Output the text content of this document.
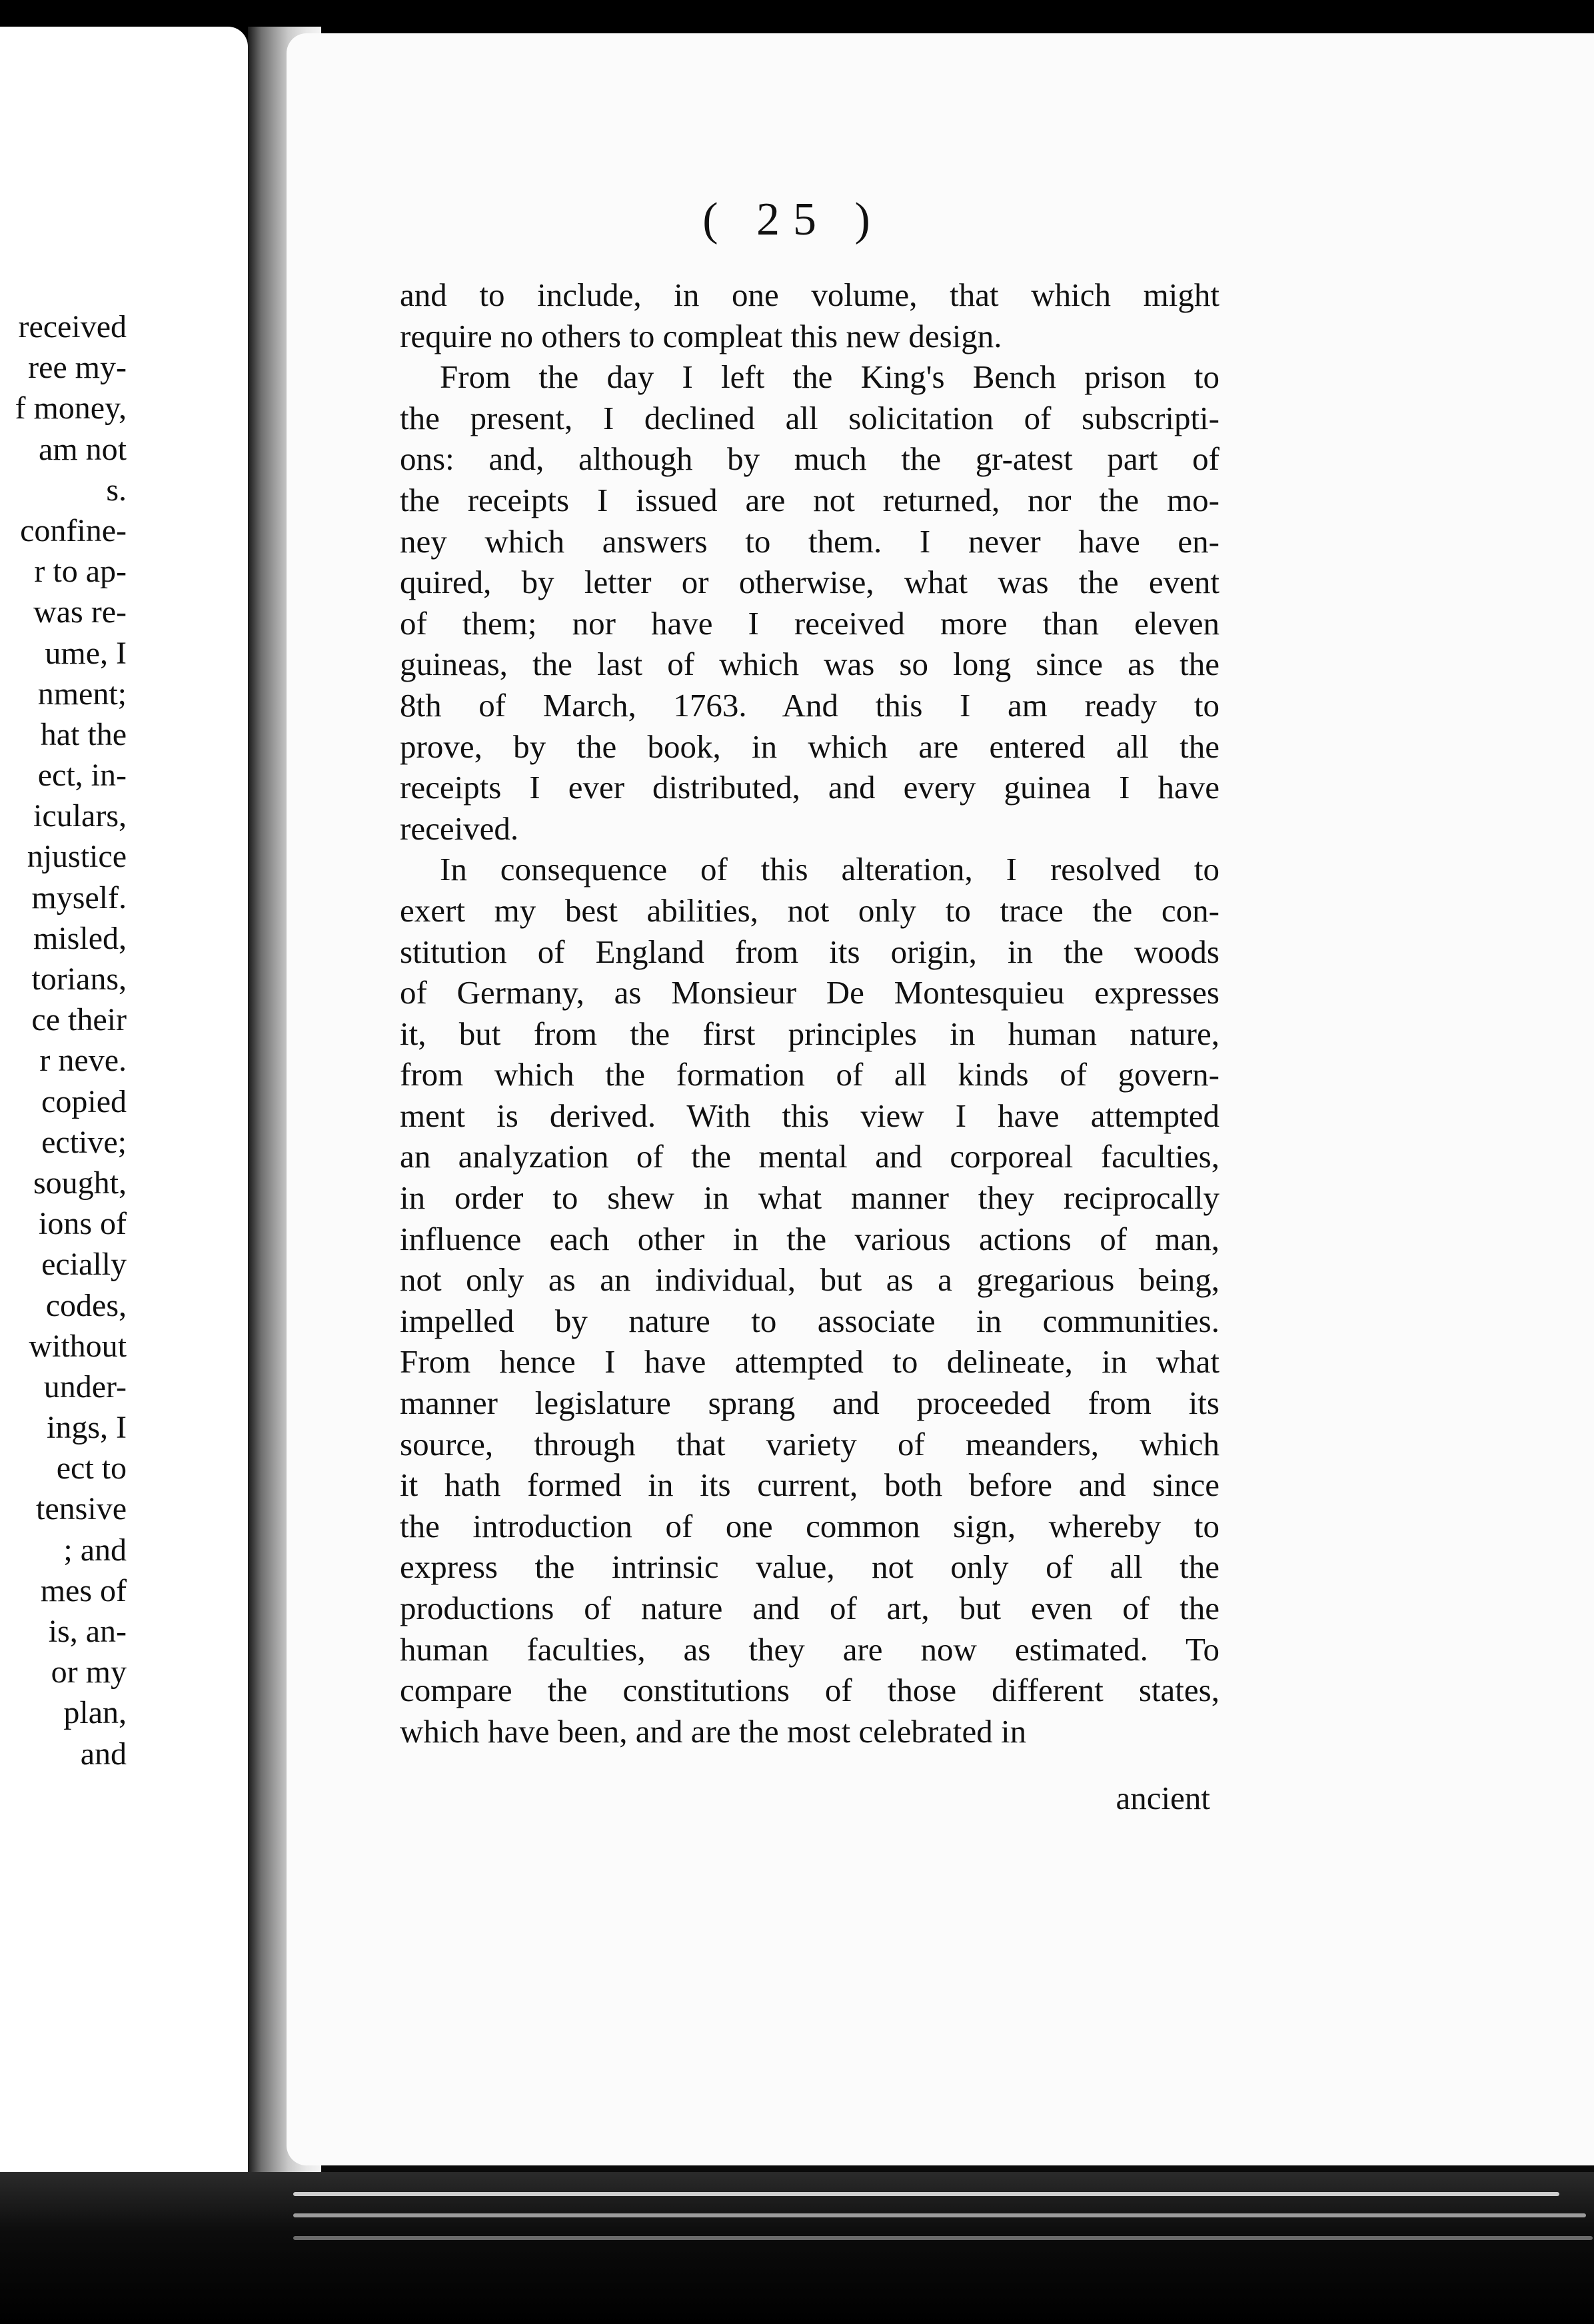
received
ree my-
f money,
am not
s.
confine-
r to ap-
was re-
ume, I
nment;
hat the
ect, in-
iculars,
njustice
myself.
misled,
torians,
ce their
r neve.
copied
ective;
sought,
ions of
ecially
codes,
without
under-
ings, I
ect to
tensive
; and
mes of
is, an-
or my
plan,
and
( 25 )
and to include, in one volume, that which might
require no others to compleat this new design.
From the day I left the King's Bench prison to
the present, I declined all solicitation of subscripti-
ons: and, although by much the gr-atest part of
the receipts I issued are not returned, nor the mo-
ney which answers to them. I never have en-
quired, by letter or otherwise, what was the event
of them; nor have I received more than eleven
guineas, the last of which was so long since as the
8th of March, 1763. And this I am ready to
prove, by the book, in which are entered all the
receipts I ever distributed, and every guinea I have
received.
In consequence of this alteration, I resolved to
exert my best abilities, not only to trace the con-
stitution of England from its origin, in the woods
of Germany, as Monsieur De Montesquieu expresses
it, but from the first principles in human nature,
from which the formation of all kinds of govern-
ment is derived. With this view I have attempted
an analyzation of the mental and corporeal faculties,
in order to shew in what manner they reciprocally
influence each other in the various actions of man,
not only as an individual, but as a gregarious being,
impelled by nature to associate in communities.
From hence I have attempted to delineate, in what
manner legislature sprang and proceeded from its
source, through that variety of meanders, which
it hath formed in its current, both before and since
the introduction of one common sign, whereby to
express the intrinsic value, not only of all the
productions of nature and of art, but even of the
human faculties, as they are now estimated. To
compare the constitutions of those different states,
which have been, and are the most celebrated in
ancient
